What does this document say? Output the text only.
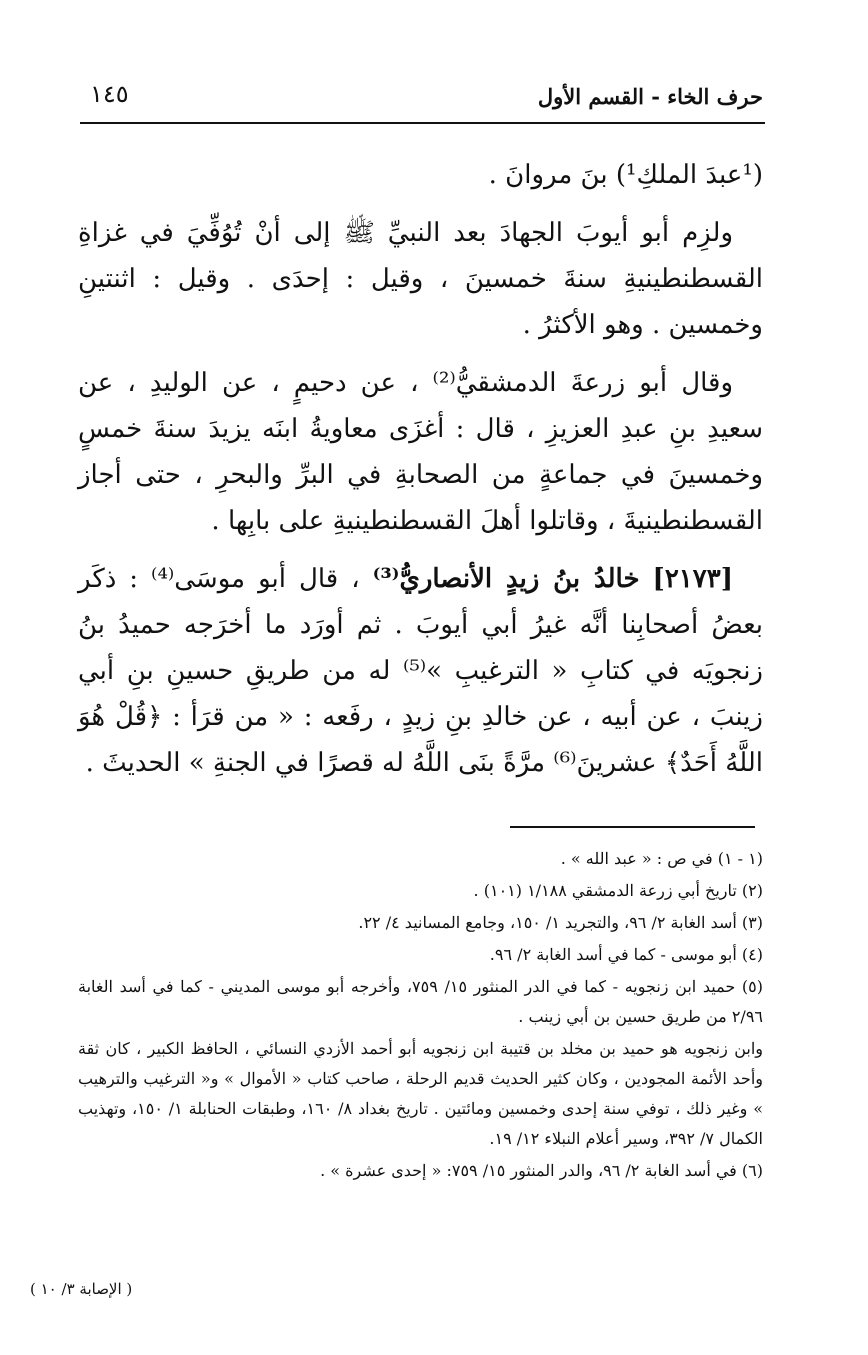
حرف الخاء - القسم الأول
١٤٥

(¹عبدَ الملكِ¹) بنَ مروانَ .

ولزِم أبو أيوبَ الجهادَ بعد النبيِّ ﷺ إلى أنْ تُوُفِّيَ في غزاةِ القسطنطينيةِ سنةَ خمسينَ ، وقيل : إحدَى . وقيل : اثنتينِ وخمسين . وهو الأكثرُ .

وقال أبو زرعةَ الدمشقيُّ⁽²⁾ ، عن دحيمٍ ، عن الوليدِ ، عن سعيدِ بنِ عبدِ العزيزِ ، قال : أغزَى معاويةُ ابنَه يزيدَ سنةَ خمسٍ وخمسينَ في جماعةٍ من الصحابةِ في البرِّ والبحرِ ، حتى أجاز القسطنطينيةَ ، وقاتلوا أهلَ القسطنطينيةِ على بابِها .

[٢١٧٣] خالدُ بنُ زيدٍ الأنصاريُّ⁽³⁾ ، قال أبو موسَى⁽⁴⁾ : ذكَر بعضُ أصحابِنا أنَّه غيرُ أبي أيوبَ . ثم أورَد ما أخرَجه حميدُ بنُ زنجويَه في كتابِ « الترغيبِ »⁽⁵⁾ له من طريقِ حسينِ بنِ أبي زينبَ ، عن أبيه ، عن خالدِ بنِ زيدٍ ، رفَعه : « من قرَأ : ﴿قُلْ هُوَ اللَّهُ أَحَدٌ﴾ عشرينَ⁽⁶⁾ مرَّةً بنَى اللَّهُ له قصرًا في الجنةِ » الحديثَ .

(١ - ١) في ص : « عبد الله » .

(٢) تاريخ أبي زرعة الدمشقي ١/١٨٨ (١٠١) .

(٣) أسد الغابة ٢/ ٩٦، والتجريد ١/ ١٥٠، وجامع المسانيد ٤/ ٢٢.

(٤) أبو موسى - كما في أسد الغابة ٢/ ٩٦.

(٥) حميد ابن زنجويه - كما في الدر المنثور ١٥/ ٧٥٩، وأخرجه أبو موسى المديني - كما في أسد الغابة ٢/٩٦ من طريق حسين بن أبي زينب .

وابن زنجويه هو حميد بن مخلد بن قتيبة ابن زنجويه أبو أحمد الأزدي النسائي ، الحافظ الكبير ، كان ثقة وأحد الأئمة المجودين ، وكان كثير الحديث قديم الرحلة ، صاحب كتاب « الأموال » و« الترغيب والترهيب » وغير ذلك ، توفي سنة إحدى وخمسين ومائتين . تاريخ بغداد ٨/ ١٦٠، وطبقات الحنابلة ١/ ١٥٠، وتهذيب الكمال ٧/ ٣٩٢، وسير أعلام النبلاء ١٢/ ١٩.

(٦) في أسد الغابة ٢/ ٩٦، والدر المنثور ١٥/ ٧٥٩: « إحدى عشرة » .

( الإصابة ٣/ ١٠ )
